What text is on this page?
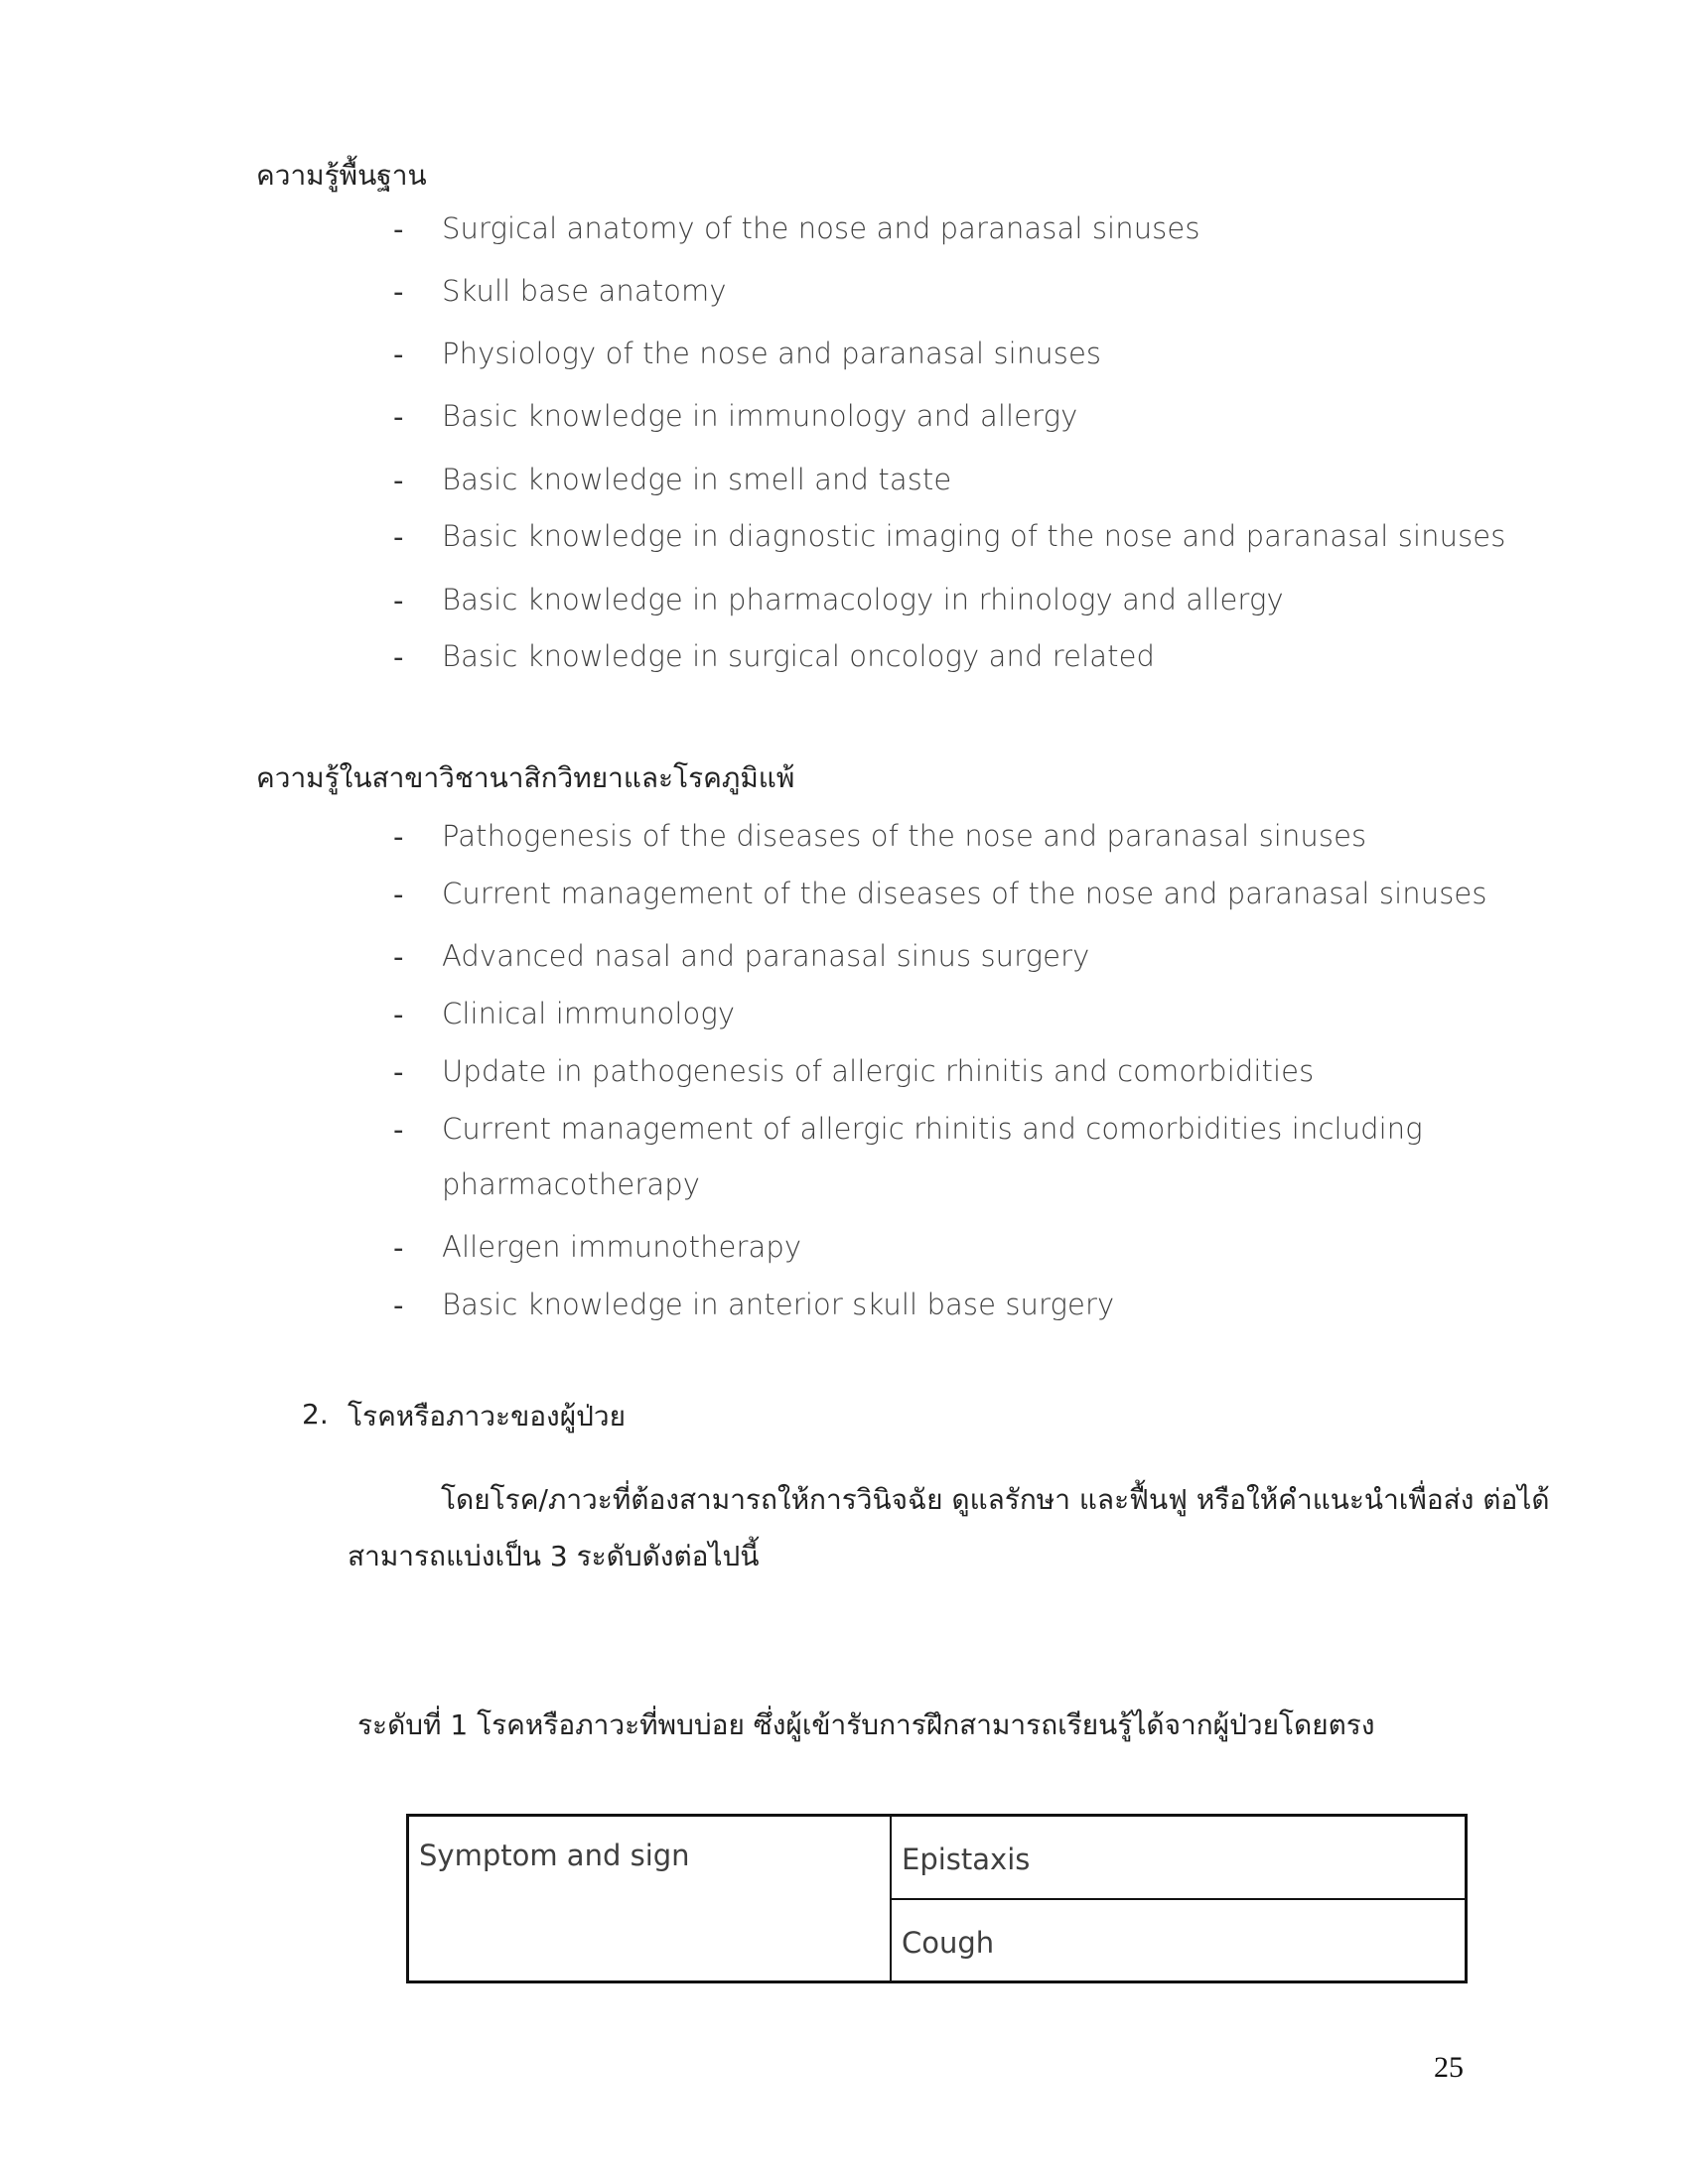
ความรู้พื้นฐาน
- Surgical anatomy of the nose and paranasal sinuses
- Skull base anatomy
- Physiology of the nose and paranasal sinuses
- Basic knowledge in immunology and allergy
- Basic knowledge in smell and taste
- Basic knowledge in diagnostic imaging of the nose and paranasal sinuses
- Basic knowledge in pharmacology in rhinology and allergy
- Basic knowledge in surgical oncology and related
ความรู้ในสาขาวิชานาสิกวิทยาและโรคภูมิแพ้
- Pathogenesis of the diseases of the nose and paranasal sinuses
- Current management of the diseases of the nose and paranasal sinuses
- Advanced nasal and paranasal sinus surgery
- Clinical immunology
- Update in pathogenesis of allergic rhinitis and comorbidities
- Current management of allergic rhinitis and comorbidities including
pharmacotherapy
- Allergen immunotherapy
- Basic knowledge in anterior skull base surgery
2. โรคหรือภาวะของผู้ป่วย
โดยโรค/ภาวะที่ต้องสามารถให้การวินิจฉัย ดูแลรักษา และฟื้นฟู หรือให้คำแนะนำเพื่อส่ง ต่อได้
สามารถแบ่งเป็น 3 ระดับดังต่อไปนี้
ระดับที่ 1 โรคหรือภาวะที่พบบ่อย ซึ่งผู้เข้ารับการฝึกสามารถเรียนรู้ได้จากผู้ป่วยโดยตรง
Symptom and sign	Epistaxis

Cough
25
